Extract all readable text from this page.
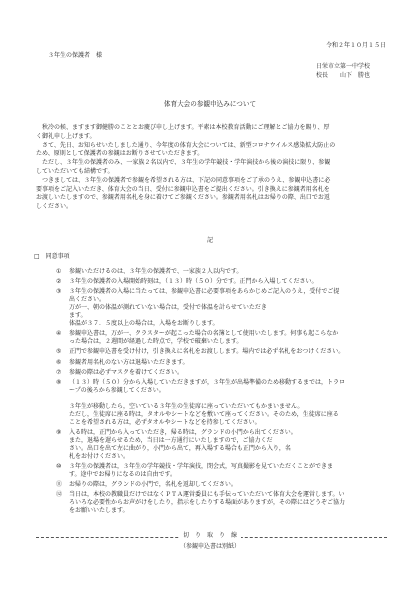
令和２年１０月１５日
３年生の保護者　様
日栄市立第一中学校
校長　　山下　勝也
体育大会の参観申込みについて
　秋冷の候、ますます御健勝のこととお慶び申し上げます。平素は本校教育活動にご理解とご協力を賜り、厚
く御礼申し上げます。
　さて、先日、お知らせいたしました通り、今年度の体育大会については、新型コロナウイルス感染拡大防止の
ため、原則として保護者の参観はお断りさせていただきます。
　ただし、３年生の保護者のみ、一家族２名以内で、３年生の学年競技・学年演技から後の演技に限り、参観
していただいても結構です。
　つきましては、３年生の保護者で参観を希望される方は、下記の同意事項をご了承のうえ、参観申込書に必
要事項をご記入いただき、体育大会の当日、受付に参観申込書をご提出ください。引き換えに参観者用名札を
お渡しいたしますので、参観者用名札を身に着けてご参観ください。参観者用名札はお帰りの際、出口でお返
しください。
記
□　同意事項
① 参観いただけるのは、３年生の保護者で、一家族２人以内です。
② ３年生の保護者の入場開始時刻は，（１３）時（５０）分です。正門から入場してください。
③ ３年生の保護者の入場に当たっては、参観申込書に必要事項をあらかじめご記入のうえ，受付でご提
出ください。
万が一、朝の体温が測れていない場合は，受付で体温を計らせていただき
ます。
体温が３７．５度以上の場合は，入場をお断りします。
④ 参観申込書は，万が一、クラスターが起こった場合の名簿として使用いたします。何事も起こらなか
った場合は，２週間が経過した時点で，学校で破棄いたします。
⑤ 正門で参観申込書を受け付け，引き換えに名札をお渡しします。場内では必ず名札をおつけください。
⑥ 参観者用名札のない方は退場いただきます。
⑦ 参観の際は必ずマスクを着けてください。
⑧ （１３）時（５０）分から入場していただきますが，３年生が出場準備のため移動するまでは，トラロ
ープの後ろから参観してください。
３年生が移動したら，空いている３年生の生徒席に座っていただいてもかまいません。
ただし，生徒席に座る時は，タオルやシートなどを敷いて座ってください。そのため，生徒席に座る
ことを希望される方は，必ずタオルやシートなどを持参してください。
⑨ 入る時は，正門から入っていただき，帰る時は，グランドの小門から出てください。
また，退場を遅らせるため，当日は一方通行にいたしますので，ご協力くだ
さい。出口を出て左に曲がり，小門から出て，再入場する場合も正門から入り，名
札をお付けください。
⑩ ３年生の保護者は，３年生の学年競技・学年演技，閉会式，写真撮影を見ていただくことができま
す。途中でお帰りになるのは自由です。
⑪ お帰りの際は，グランドの小門で，名札を返却してください。
⑫ 当日は，本校の教職員だけではなくＰＴＡ運営委員にも手伝っていただいて体育大会を運営します。い
ろいろな必要性からお声がけをしたり，指示をしたりする場面がありますが，その際にはどうぞご協力
をお願いいたします。
切　り　取　り　線
（参観申込書は別紙）
